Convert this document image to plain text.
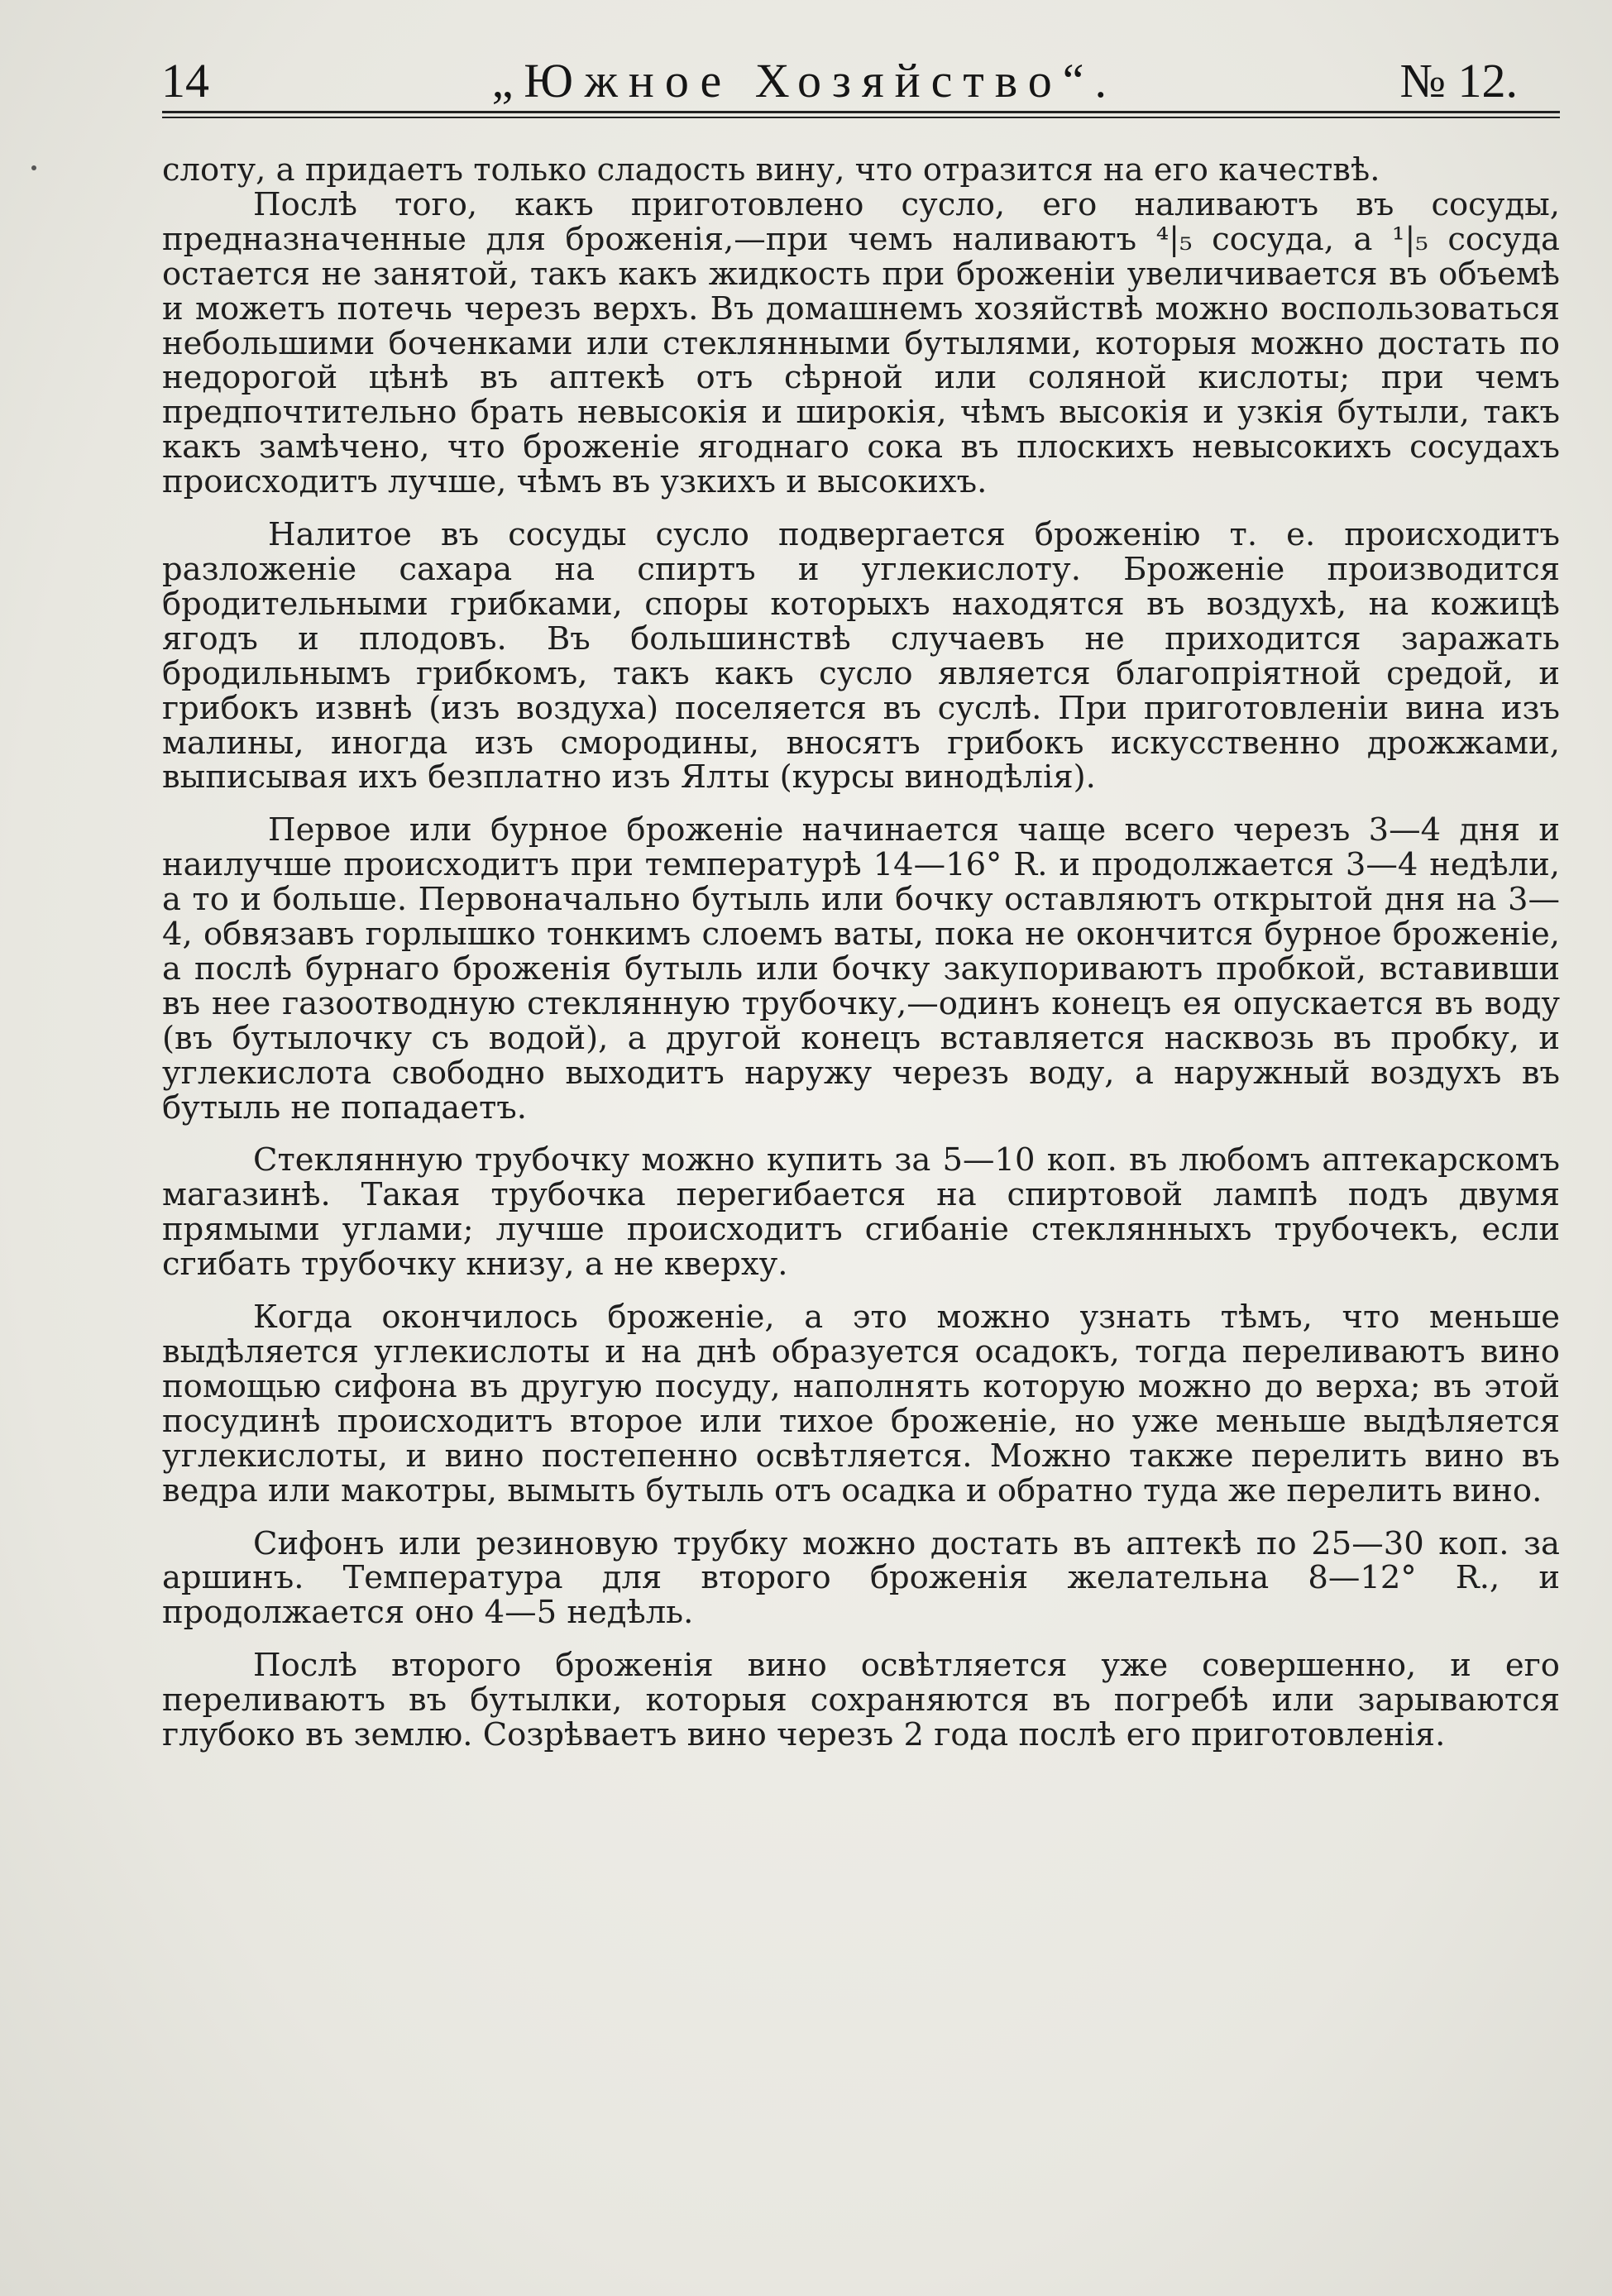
14	„Южное Хозяйство“.	№ 12.

слоту, а придаетъ только сладость вину, что отразится на его качествѣ.

Послѣ того, какъ приготовлено сусло, его наливаютъ въ сосуды, предназначенные для броженія,—при чемъ наливаютъ ⁴|₅ сосуда, а ¹|₅ сосуда остается не занятой, такъ какъ жидкость при броженіи увеличивается въ объемѣ и можетъ потечь черезъ верхъ. Въ домашнемъ хозяйствѣ можно воспользоваться небольшими боченками или стеклянными бутылями, которыя можно достать по недорогой цѣнѣ въ аптекѣ отъ сѣрной или соляной кислоты; при чемъ предпочтительно брать невысокія и широкія, чѣмъ высокія и узкія бутыли, такъ какъ замѣчено, что броженіе ягоднаго сока въ плоскихъ невысокихъ сосудахъ происходитъ лучше, чѣмъ въ узкихъ и высокихъ.

Налитое въ сосуды сусло подвергается броженію т. е. происходитъ разложеніе сахара на спиртъ и углекислоту. Броженіе производится бродительными грибками, споры которыхъ находятся въ воздухѣ, на кожицѣ ягодъ и плодовъ. Въ большинствѣ случаевъ не приходится заражать бродильнымъ грибкомъ, такъ какъ сусло является благопріятной средой, и грибокъ извнѣ (изъ воздуха) поселяется въ суслѣ. При приготовленіи вина изъ малины, иногда изъ смородины, вносятъ грибокъ искусственно дрожжами, выписывая ихъ безплатно изъ Ялты (курсы винодѣлія).

Первое или бурное броженіе начинается чаще всего черезъ 3—4 дня и наилучше происходитъ при температурѣ 14—16° R. и продолжается 3—4 недѣли, а то и больше. Первоначально бутыль или бочку оставляютъ открытой дня на 3—4, обвязавъ горлышко тонкимъ слоемъ ваты, пока не окончится бурное броженіе, а послѣ бурнаго броженія бутыль или бочку закупориваютъ пробкой, вставивши въ нее газоотводную стеклянную трубочку,—одинъ конецъ ея опускается въ воду (въ бутылочку съ водой), а другой конецъ вставляется насквозь въ пробку, и углекислота свободно выходитъ наружу черезъ воду, а наружный воздухъ въ бутыль не попадаетъ.

Стеклянную трубочку можно купить за 5—10 коп. въ любомъ аптекарскомъ магазинѣ. Такая трубочка перегибается на спиртовой лампѣ подъ двумя прямыми углами; лучше происходитъ сгибаніе стеклянныхъ трубочекъ, если сгибать трубочку книзу, а не кверху.

Когда окончилось броженіе, а это можно узнать тѣмъ, что меньше выдѣляется углекислоты и на днѣ образуется осадокъ, тогда переливаютъ вино помощью сифона въ другую посуду, наполнять которую можно до верха; въ этой посудинѣ происходитъ второе или тихое броженіе, но уже меньше выдѣляется углекислоты, и вино постепенно освѣтляется. Можно также перелить вино въ ведра или макотры, вымыть бутыль отъ осадка и обратно туда же перелить вино.

Сифонъ или резиновую трубку можно достать въ аптекѣ по 25—30 коп. за аршинъ. Температура для второго броженія желательна 8—12° R., и продолжается оно 4—5 недѣль.

Послѣ второго броженія вино освѣтляется уже совершенно, и его переливаютъ въ бутылки, которыя сохраняются въ погребѣ или зарываются глубоко въ землю. Созрѣваетъ вино черезъ 2 года послѣ его приготовленія.
